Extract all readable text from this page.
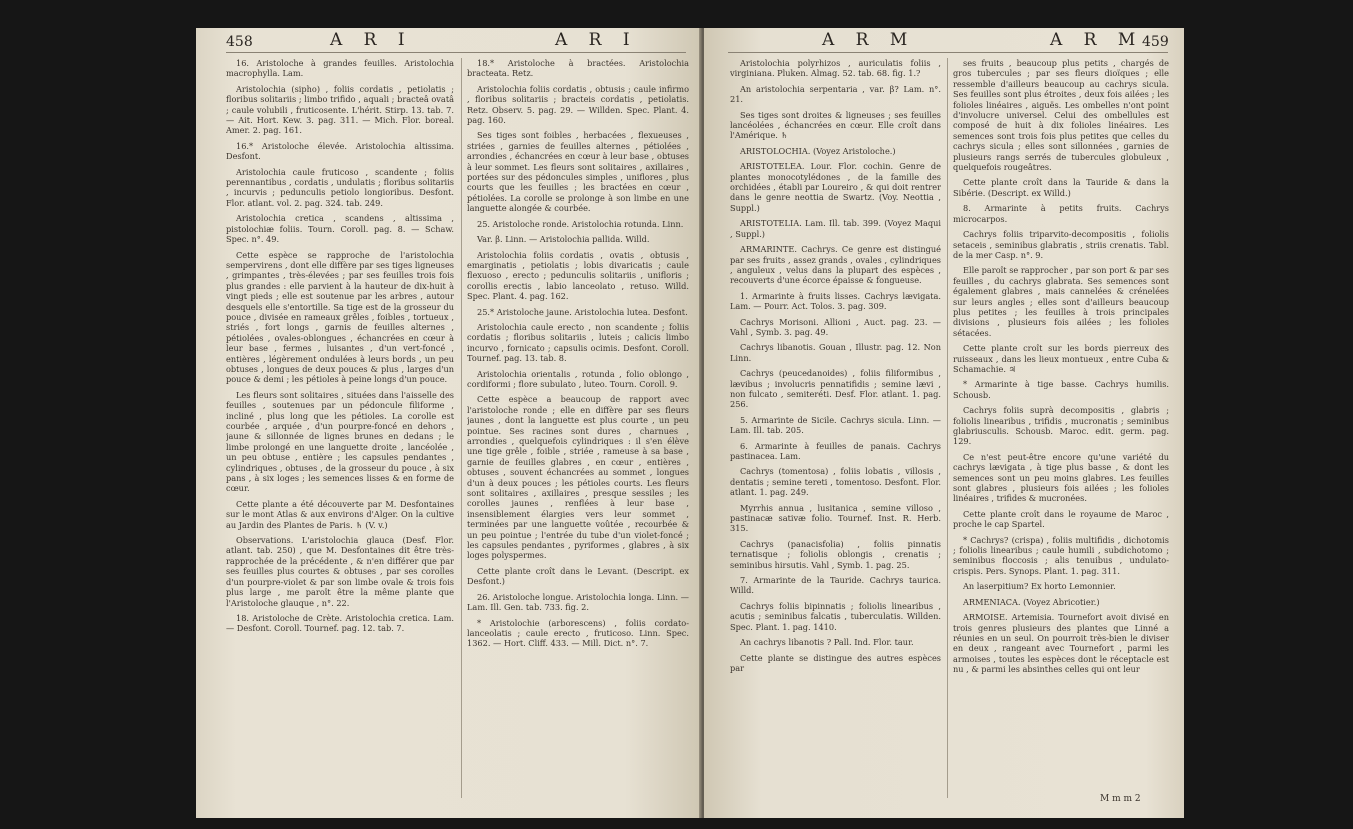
458	A R I	A R I

16. Aristoloche à grandes feuilles. Aristolochia macrophylla. Lam.

Aristolochia (sipho) , foliis cordatis , petiolatis ; floribus solitariis ; limbo trifido , aquali ; bracteâ ovatâ ; caule volubili , fruticosente. L'hérit. Stirp. 13. tab. 7. — Ait. Hort. Kew. 3. pag. 311. — Mich. Flor. boreal. Amer. 2. pag. 161.

16.* Aristoloche élevée. Aristolochia altissima. Desfont.

Aristolochia caule fruticoso , scandente ; foliis perennantibus , cordatis , undulatis ; floribus solitariis , incurvis ; pedunculis petiolo longioribus. Desfont. Flor. atlant. vol. 2. pag. 324. tab. 249.

Aristolochia cretica , scandens , altissima , pistolochiæ foliis. Tourn. Coroll. pag. 8. — Schaw. Spec. n°. 49.

Cette espèce se rapproche de l'aristolochia sempervirens , dont elle diffère par ses tiges ligneuses , grimpantes , très-élevées ; par ses feuilles trois fois plus grandes : elle parvient à la hauteur de dix-huit à vingt pieds ; elle est soutenue par les arbres , autour desquels elle s'entortille. Sa tige est de la grosseur du pouce , divisée en rameaux grêles , foibles , tortueux , striés , fort longs , garnis de feuilles alternes , pétiolées , ovales-oblongues , échancrées en cœur à leur base , fermes , luisantes , d'un vert-foncé , entières , légèrement ondulées à leurs bords , un peu obtuses , longues de deux pouces & plus , larges d'un pouce & demi ; les pétioles à peine longs d'un pouce.

Les fleurs sont solitaires , situées dans l'aisselle des feuilles , soutenues par un pédoncule filiforme , incliné , plus long que les pétioles. La corolle est courbée , arquée , d'un pourpre-foncé en dehors , jaune & sillonnée de lignes brunes en dedans ; le limbe prolongé en une languette droite , lancéolée , un peu obtuse , entière ; les capsules pendantes , cylindriques , obtuses , de la grosseur du pouce , à six pans , à six loges ; les semences lisses & en forme de cœur.

Cette plante a été découverte par M. Desfontaines sur le mont Atlas & aux environs d'Alger. On la cultive au Jardin des Plantes de Paris. ♄ (V. v.)

Observations. L'aristolochia glauca (Desf. Flor. atlant. tab. 250) , que M. Desfontaines dit être très-rapprochée de la précédente , & n'en différer que par ses feuilles plus courtes & obtuses , par ses corolles d'un pourpre-violet & par son limbe ovale & trois fois plus large , me paroît être la même plante que l'Aristoloche glauque , n°. 22.

18. Aristoloche de Crète. Aristolochia cretica. Lam. — Desfont. Coroll. Tournef. pag. 12. tab. 7.

18.* Aristoloche à bractées. Aristolochia bracteata. Retz.

Aristolochia foliis cordatis , obtusis ; caule infirmo , floribus solitariis ; bracteis cordatis , petiolatis. Retz. Observ. 5. pag. 29. — Willden. Spec. Plant. 4. pag. 160.

Ses tiges sont foibles , herbacées , flexueuses , striées , garnies de feuilles alternes , pétiolées , arrondies , échancrées en cœur à leur base , obtuses à leur sommet. Les fleurs sont solitaires , axillaires , portées sur des pédoncules simples , uniflores , plus courts que les feuilles ; les bractées en cœur , pétiolées. La corolle se prolonge à son limbe en une languette alongée & courbée.

25. Aristoloche ronde. Aristolochia rotunda. Linn.

Var. β. Linn. — Aristolochia pallida. Willd.

Aristolochia foliis cordatis , ovatis , obtusis , emarginatis , petiolatis ; lobis divaricatis ; caule flexuoso , erecto ; pedunculis solitariis , unifloris ; corollis erectis , labio lanceolato , retuso. Willd. Spec. Plant. 4. pag. 162.

25.* Aristoloche jaune. Aristolochia lutea. Desfont.

Aristolochia caule erecto , non scandente ; foliis cordatis ; floribus solitariis , luteis ; calicis limbo incurvo , fornicato ; capsulis ocimis. Desfont. Coroll. Tournef. pag. 13. tab. 8.

Aristolochia orientalis , rotunda , folio oblongo , cordiformi ; flore subulato , luteo. Tourn. Coroll. 9.

Cette espèce a beaucoup de rapport avec l'aristoloche ronde ; elle en diffère par ses fleurs jaunes , dont la languette est plus courte , un peu pointue. Ses racines sont dures , charnues , arrondies , quelquefois cylindriques : il s'en élève une tige grêle , foible , striée , rameuse à sa base , garnie de feuilles glabres , en cœur , entières , obtuses , souvent échancrées au sommet , longues d'un à deux pouces ; les pétioles courts. Les fleurs sont solitaires , axillaires , presque sessiles ; les corolles jaunes , renflées à leur base , insensiblement élargies vers leur sommet , terminées par une languette voûtée , recourbée & un peu pointue ; l'entrée du tube d'un violet-foncé ; les capsules pendantes , pyriformes , glabres , à six loges polyspermes.

Cette plante croît dans le Levant. (Descript. ex Desfont.)

26. Aristoloche longue. Aristolochia longa. Linn. — Lam. Ill. Gen. tab. 733. fig. 2.

* Aristolochie (arborescens) , foliis cordato-lanceolatis ; caule erecto , fruticoso. Linn. Spec. 1362. — Hort. Cliff. 433. — Mill. Dict. n°. 7.

A R M	A R M
459

Aristolochia polyrhizos , auriculatis foliis , virginiana. Pluken. Almag. 52. tab. 68. fig. 1.?

An aristolochia serpentaria , var. β? Lam. n°. 21.

Ses tiges sont droites & ligneuses ; ses feuilles lancéolées , échancrées en cœur. Elle croît dans l'Amérique. ♄

ARISTOLOCHIA. (Voyez Aristoloche.)

ARISTOTELEA. Lour. Flor. cochin. Genre de plantes monocotylédones , de la famille des orchidées , établi par Loureiro , & qui doit rentrer dans le genre neottia de Swartz. (Voy. Neottia , Suppl.)

ARISTOTELIA. Lam. Ill. tab. 399. (Voyez Maqui , Suppl.)

ARMARINTE. Cachrys. Ce genre est distingué par ses fruits , assez grands , ovales , cylindriques , anguleux , velus dans la plupart des espèces , recouverts d'une écorce épaisse & fongueuse.

1. Armarinte à fruits lisses. Cachrys lævigata. Lam. — Pourr. Act. Tolos. 3. pag. 309.

Cachrys Morisoni. Allioni , Auct. pag. 23. — Vahl , Symb. 3. pag. 49.

Cachrys libanotis. Gouan , Illustr. pag. 12. Non Linn.

Cachrys (peucedanoides) , foliis filiformibus , lævibus ; involucris pennatifidis ; semine lævi , non fulcato , semiteréti. Desf. Flor. atlant. 1. pag. 256.

5. Armarinte de Sicile. Cachrys sicula. Linn. — Lam. Ill. tab. 205.

6. Armarinte à feuilles de panais. Cachrys pastinacea. Lam.

Cachrys (tomentosa) , foliis lobatis , villosis , dentatis ; semine tereti , tomentoso. Desfont. Flor. atlant. 1. pag. 249.

Myrrhis annua , lusitanica , semine villoso , pastinacæ sativæ folio. Tournef. Inst. R. Herb. 315.

Cachrys (panacisfolia) , foliis pinnatis ternatisque ; foliolis oblongis , crenatis ; seminibus hirsutis. Vahl , Symb. 1. pag. 25.

7. Armarinte de la Tauride. Cachrys taurica. Willd.

Cachrys foliis bipinnatis ; foliolis linearibus , acutis ; seminibus falcatis , tuberculatis. Willden. Spec. Plant. 1. pag. 1410.

An cachrys libanotis ? Pall. Ind. Flor. taur.

Cette plante se distingue des autres espèces par

ses fruits , beaucoup plus petits , chargés de gros tubercules ; par ses fleurs dioïques ; elle ressemble d'ailleurs beaucoup au cachrys sicula. Ses feuilles sont plus étroites , deux fois ailées ; les folioles linéaires , aiguës. Les ombelles n'ont point d'involucre universel. Celui des ombellules est composé de huit à dix folioles linéaires. Les semences sont trois fois plus petites que celles du cachrys sicula ; elles sont sillonnées , garnies de plusieurs rangs serrés de tubercules globuleux , quelquefois rougeâtres.

Cette plante croît dans la Tauride & dans la Sibérie. (Descript. ex Willd.)

8. Armarinte à petits fruits. Cachrys microcarpos.

Cachrys foliis triparvito-decompositis , foliolis setaceis , seminibus glabratis , striis crenatis. Tabl. de la mer Casp. n°. 9.

Elle paroît se rapprocher , par son port & par ses feuilles , du cachrys glabrata. Ses semences sont également glabres , mais cannelées & crénelées sur leurs angles ; elles sont d'ailleurs beaucoup plus petites ; les feuilles à trois principales divisions , plusieurs fois ailées ; les folioles sétacées.

Cette plante croît sur les bords pierreux des ruisseaux , dans les lieux montueux , entre Cuba & Schamachie. ♃

* Armarinte à tige basse. Cachrys humilis. Schousb.

Cachrys foliis suprà decompositis , glabris ; foliolis linearibus , trifidis , mucronatis ; seminibus glabriusculis. Schousb. Maroc. edit. germ. pag. 129.

Ce n'est peut-être encore qu'une variété du cachrys lævigata , à tige plus basse , & dont les semences sont un peu moins glabres. Les feuilles sont glabres , plusieurs fois ailées ; les folioles linéaires , trifides & mucronées.

Cette plante croît dans le royaume de Maroc , proche le cap Spartel.

* Cachrys? (crispa) , foliis multifidis , dichotomis ; foliolis linearibus ; caule humili , subdichotomo ; seminibus floccosis ; alis tenuibus , undulato-crispis. Pers. Synops. Plant. 1. pag. 311.

An laserpitium? Ex horto Lemonnier.

ARMENIACA. (Voyez Abricotier.)

ARMOISE. Artemisia. Tournefort avoit divisé en trois genres plusieurs des plantes que Linné a réunies en un seul. On pourroit très-bien le diviser en deux , rangeant avec Tournefort , parmi les armoises , toutes les espèces dont le réceptacle est nu , & parmi les absinthes celles qui ont leur

M m m 2
